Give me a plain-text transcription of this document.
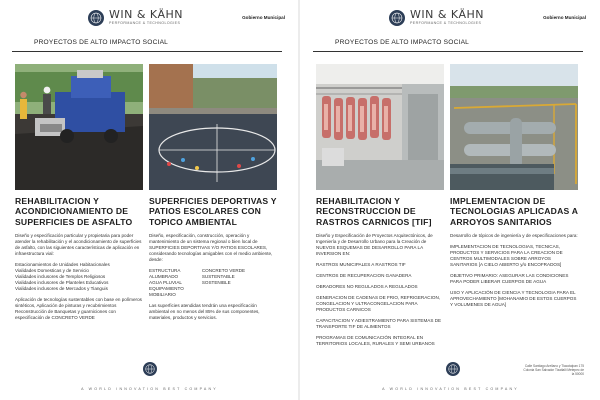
WIN & KÄHN
PERFORMANCE & TECHNOLOGIES
Gobierno Municipal
PROYECTOS DE ALTO IMPACTO SOCIAL
REHABILITACION Y ACONDICIONAMIENTO DE SUPERFICIES DE ASFALTO

Diseño y especificación particular y propietaria para poder atender la rehabilitación y el acondicionamiento de superficies de asfalto, con las siguientes características de aplicación en infraestructura vial:

Estacionamientos de Unidades Habitacionales
Vialidades Domesticas y de Servicio
Vialidades inclusores de Templos Religiosos
Vialidades inclusores de Planteles Educativos
Vialidades inclusores de Mercados y Tianguis

Aplicación de tecnologías sustentables con base en polímeros sintéticos, Aplicación de pinturas y recubrimientos Reconstrucción de Banquetas y guarniciones con especificación de CONCRETO VERDE

SUPERFICIES DEPORTIVAS Y PATIOS ESCOLARES CON TOPICO AMBIENTAL

Diseño, especificación, construcción, operación y mantenimiento de un sistema regional o bien local de SUPERFICIES DEPORTIVAS Y/O PATIOS ESCOLARES, considerando tecnologías amigables con el medio ambiente, desde:

ESTRUCTURA
ALUMBRADO
AGUA PLUVIAL
EQUIPAMIENTO
MOBILIARIO
CONCRETO VERDE
SUSTENTABLE
SOSTENIBLE

Las superficies atendidas tendrán una especificación ambiental en no menos del 85% de sus componentes, materiales, productos y servicios.

A WORLD INNOVATION BEST COMPANY
WIN & KÄHN
PERFORMANCE & TECHNOLOGIES
Gobierno Municipal
PROYECTOS DE ALTO IMPACTO SOCIAL
REHABILITACION Y RECONSTRUCCION DE RASTROS CARNICOS [TIF]

Diseño y Especificación de Proyectos Arquitectónicos, de Ingeniería y de Desarrollo Urbano para la Creación de NUEVOS ESQUEMAS DE DESARROLLO PARA LA INVERSION EN:

RASTROS MUNICIPALES A RASTROS TIF

CENTROS DE RECUPERACION GANADERA

OBRADORES NO REGULADOS A REGULADOS

GENERACION DE CADENAS DE FRIO, REFRIGERACION, CONGELACION Y ULTRACONGELACION PARA PRODUCTOS CARNICOS

CAPACITACION Y ADIESTRAMIENTO PARA SISTEMAS DE TRANSPORTE TIF DE ALIMENTOS

PROGRAMAS DE COMUNICACIÓN INTEGRAL EN TERRITORIOS LOCALES, RURALES Y SEMI URBANOS

IMPLEMENTACION DE TECNOLOGIAS APLICADAS A ARROYOS SANITARIOS

Desarrollo de tópicos de ingeniería y de especificaciones para:

IMPLEMENTACION DE TECNOLOGIAS, TECNICAS, PRODUCTOS Y SERVICIOS PARA LA CREACION DE CENTROS MULTIMODALES SOBRE ARROYOS SANITARIOS [A CIELO ABIERTO y/o ENCOFRADOS]

OBJETIVO PRIMARIO: ASEGURAR LAS CONDICIONES PARA PODER LIBERAR CUERPOS DE AGUA

USO Y APLICACIÓN DE CIENCIA Y TECNOLOGIA PARA EL APROVECHAMIENTO [MOHANAMIO DE ESTOS CUERPOS Y VOLUMENES DE AGUA]

Calle Santiago Arellano y Tlacotalpan 175 Colonia San Salvador Tizatlalli Metepec de la 50000
A WORLD INNOVATION BEST COMPANY
